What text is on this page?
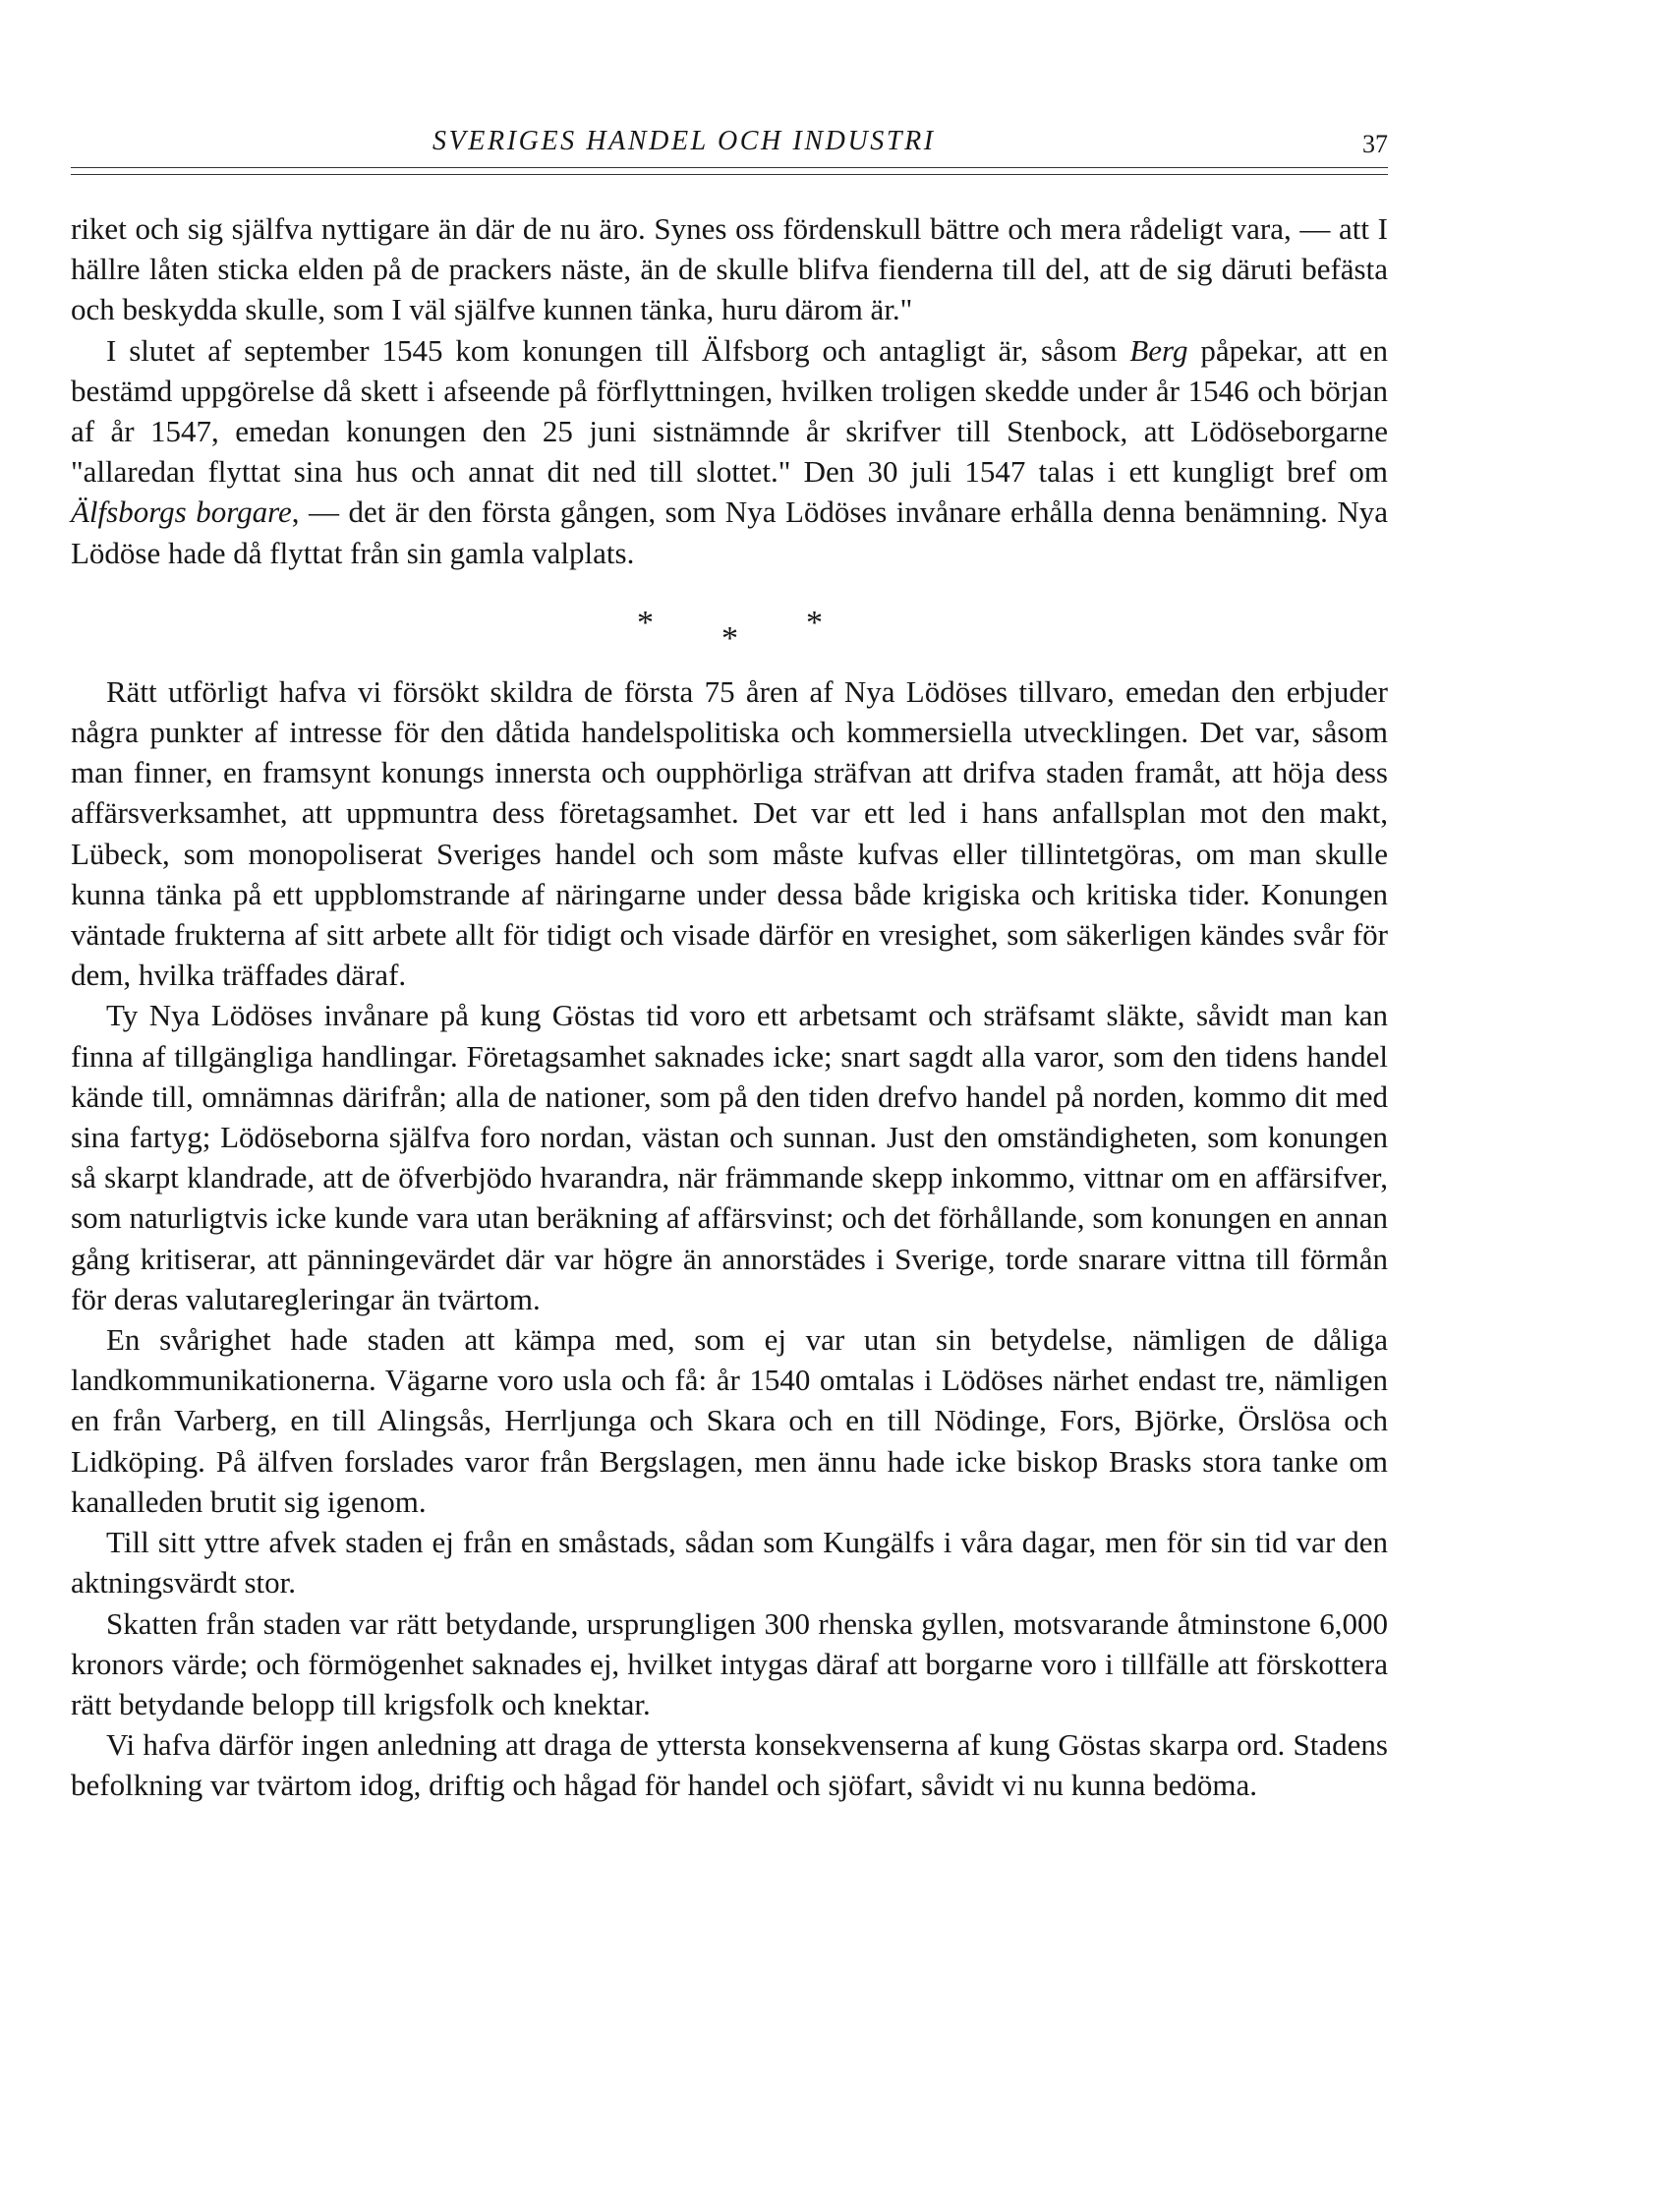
SVERIGES HANDEL OCH INDUSTRI	37

riket och sig själfva nyttigare än där de nu äro. Synes oss fördenskull bättre och mera rådeligt vara, — att I hällre låten sticka elden på de prackers näste, än de skulle blifva fienderna till del, att de sig däruti befästa och beskydda skulle, som I väl själfve kunnen tänka, huru därom är."

I slutet af september 1545 kom konungen till Älfsborg och antagligt är, såsom Berg påpekar, att en bestämd uppgörelse då skett i afseende på förflyttningen, hvilken troligen skedde under år 1546 och början af år 1547, emedan konungen den 25 juni sistnämnde år skrifver till Stenbock, att Lödöseborgarne "allaredan flyttat sina hus och annat dit ned till slottet." Den 30 juli 1547 talas i ett kungligt bref om Älfsborgs borgare, — det är den första gången, som Nya Lödöses invånare erhålla denna benämning. Nya Lödöse hade då flyttat från sin gamla valplats.

* * *

Rätt utförligt hafva vi försökt skildra de första 75 åren af Nya Lödöses tillvaro, emedan den erbjuder några punkter af intresse för den dåtida handelspolitiska och kommersiella utvecklingen. Det var, såsom man finner, en framsynt konungs innersta och oupphörliga sträfvan att drifva staden framåt, att höja dess affärsverksamhet, att uppmuntra dess företagsamhet. Det var ett led i hans anfallsplan mot den makt, Lübeck, som monopoliserat Sveriges handel och som måste kufvas eller tillintetgöras, om man skulle kunna tänka på ett uppblomstrande af näringarne under dessa både krigiska och kritiska tider. Konungen väntade frukterna af sitt arbete allt för tidigt och visade därför en vresighet, som säkerligen kändes svår för dem, hvilka träffades däraf.

Ty Nya Lödöses invånare på kung Göstas tid voro ett arbetsamt och sträfsamt släkte, såvidt man kan finna af tillgängliga handlingar. Företagsamhet saknades icke; snart sagdt alla varor, som den tidens handel kände till, omnämnas därifrån; alla de nationer, som på den tiden drefvo handel på norden, kommo dit med sina fartyg; Lödöseborna själfva foro nordan, västan och sunnan. Just den omständigheten, som konungen så skarpt klandrade, att de öfverbjödo hvarandra, när främmande skepp inkommo, vittnar om en affärsifver, som naturligtvis icke kunde vara utan beräkning af affärsvinst; och det förhållande, som konungen en annan gång kritiserar, att pänningevärdet där var högre än annorstädes i Sverige, torde snarare vittna till förmån för deras valutaregleringar än tvärtom.

En svårighet hade staden att kämpa med, som ej var utan sin betydelse, nämligen de dåliga landkommunikationerna. Vägarne voro usla och få: år 1540 omtalas i Lödöses närhet endast tre, nämligen en från Varberg, en till Alingsås, Herrljunga och Skara och en till Nödinge, Fors, Björke, Örslösa och Lidköping. På älfven forslades varor från Bergslagen, men ännu hade icke biskop Brasks stora tanke om kanalleden brutit sig igenom.

Till sitt yttre afvek staden ej från en småstads, sådan som Kungälfs i våra dagar, men för sin tid var den aktningsvärdt stor.

Skatten från staden var rätt betydande, ursprungligen 300 rhenska gyllen, motsvarande åtminstone 6,000 kronors värde; och förmögenhet saknades ej, hvilket intygas däraf att borgarne voro i tillfälle att förskottera rätt betydande belopp till krigsfolk och knektar.

Vi hafva därför ingen anledning att draga de yttersta konsekvenserna af kung Göstas skarpa ord. Stadens befolkning var tvärtom idog, driftig och hågad för handel och sjöfart, såvidt vi nu kunna bedöma.
